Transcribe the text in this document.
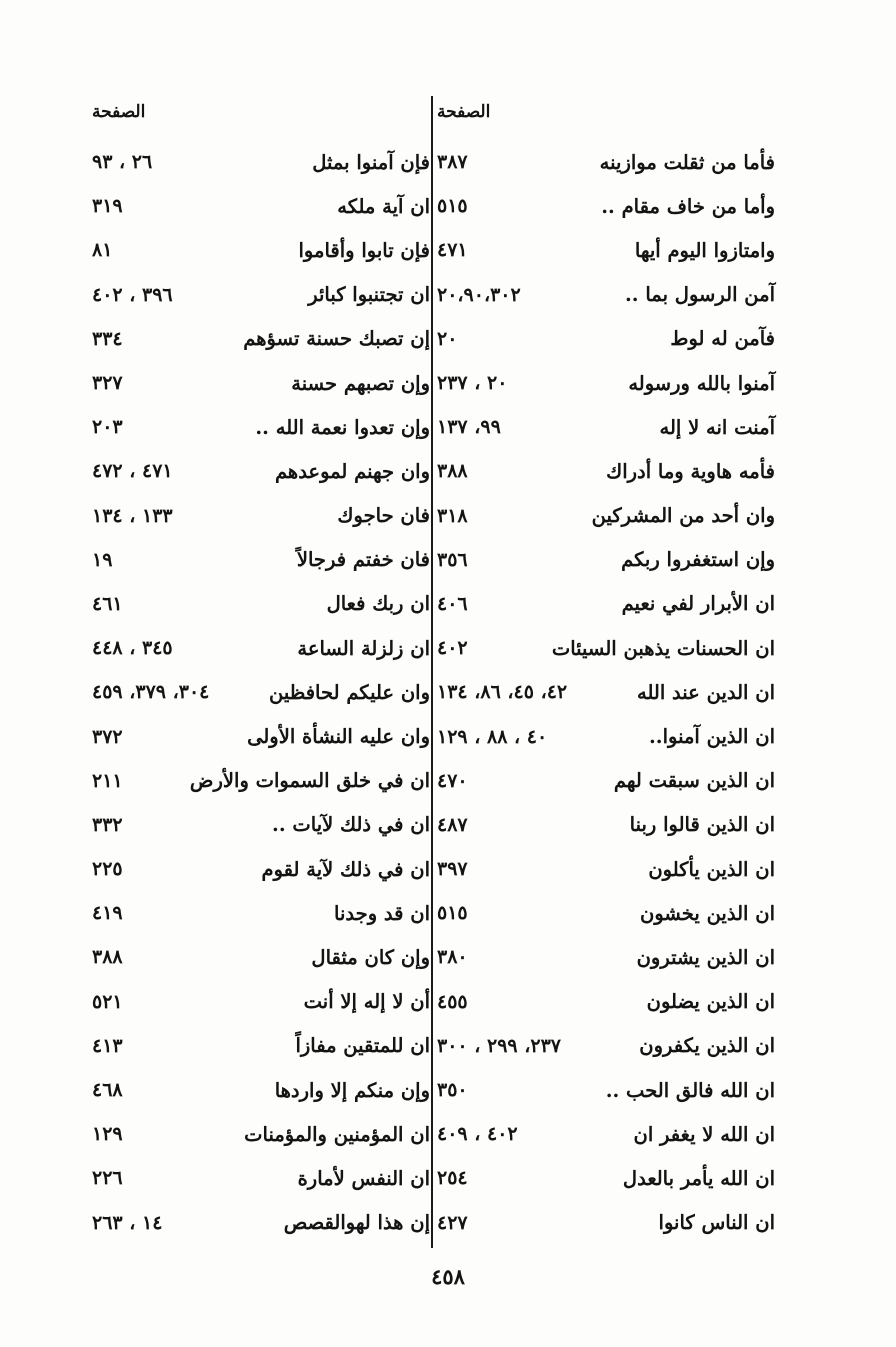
الصفحة
فأما من ثقلت موازينه
٣٨٧
وأما من خاف مقام ..
٥١٥
وامتازوا اليوم أيها
٤٧١
آمن الرسول بما ..
٢٠،٩٠،٣٠٢
فآمن له لوط
٢٠
آمنوا بالله ورسوله
٢٠ ، ٢٣٧
آمنت انه لا إله
٩٩، ١٣٧
فأمه هاوية وما أدراك
٣٨٨
وان أحد من المشركين
٣١٨
وإن استغفروا ربكم
٣٥٦
ان الأبرار لفي نعيم
٤٠٦
ان الحسنات يذهبن السيئات
٤٠٢
ان الدين عند الله
٤٢، ٤٥، ٨٦، ١٣٤
ان الذين آمنوا..
٤٠ ، ٨٨ ، ١٢٩
ان الذين سبقت لهم
٤٧٠
ان الذين قالوا ربنا
٤٨٧
ان الذين يأكلون
٣٩٧
ان الذين يخشون
٥١٥
ان الذين يشترون
٣٨٠
ان الذين يضلون
٤٥٥
ان الذين يكفرون
٢٣٧، ٢٩٩ ، ٣٠٠
ان الله فالق الحب ..
٣٥٠
ان الله لا يغفر ان
٤٠٢ ، ٤٠٩
ان الله يأمر بالعدل
٢٥٤
ان الناس كانوا
٤٢٧
الصفحة
فإن آمنوا بمثل
٢٦ ، ٩٣
ان آية ملكه
٣١٩
فإن تابوا وأقاموا
٨١
ان تجتنبوا كبائر
٣٩٦ ، ٤٠٢
إن تصبك حسنة تسؤهم
٣٣٤
وإن تصبهم حسنة
٣٢٧
وإن تعدوا نعمة الله ..
٢٠٣
وان جهنم لموعدهم
٤٧١ ، ٤٧٢
فان حاجوك
١٣٣ ، ١٣٤
فان خفتم فرجالاً
١٩
ان ربك فعال
٤٦١
ان زلزلة الساعة
٣٤٥ ، ٤٤٨
وان عليكم لحافظين
٣٠٤، ٣٧٩، ٤٥٩
وان عليه النشأة الأولى
٣٧٢
ان في خلق السموات والأرض
٢١١
ان في ذلك لآيات ..
٣٣٢
ان في ذلك لآية لقوم
٢٢٥
ان قد وجدنا
٤١٩
وإن كان مثقال
٣٨٨
أن لا إله إلا أنت
٥٢١
ان للمتقين مفازاً
٤١٣
وإن منكم إلا واردها
٤٦٨
ان المؤمنين والمؤمنات
١٢٩
ان النفس لأمارة
٢٢٦
إن هذا لهوالقصص
١٤ ، ٢٦٣
٤٥٨
